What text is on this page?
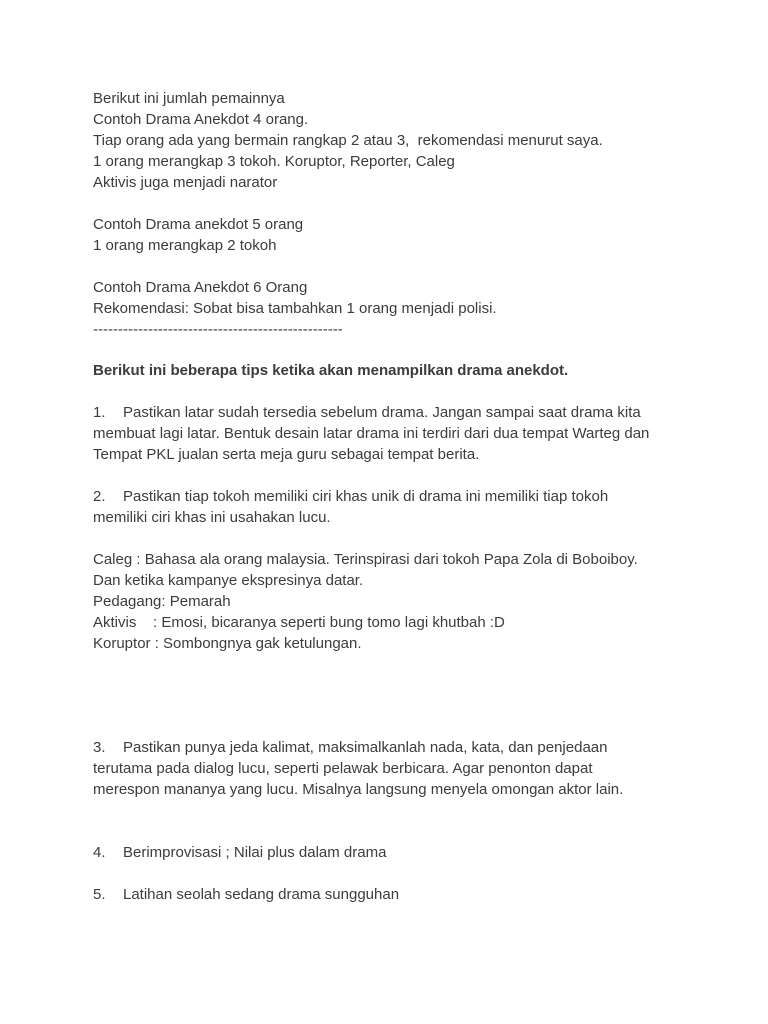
Berikut ini jumlah pemainnya
Contoh Drama Anekdot 4 orang.
Tiap orang ada yang bermain rangkap 2 atau 3,  rekomendasi menurut saya.
1 orang merangkap 3 tokoh. Koruptor, Reporter, Caleg
Aktivis juga menjadi narator
Contoh Drama anekdot 5 orang
1 orang merangkap 2 tokoh
Contoh Drama Anekdot 6 Orang
Rekomendasi: Sobat bisa tambahkan 1 orang menjadi polisi.
--------------------------------------------------
Berikut ini beberapa tips ketika akan menampilkan drama anekdot.
1. Pastikan latar sudah tersedia sebelum drama. Jangan sampai saat drama kita
membuat lagi latar. Bentuk desain latar drama ini terdiri dari dua tempat Warteg dan
Tempat PKL jualan serta meja guru sebagai tempat berita.
2. Pastikan tiap tokoh memiliki ciri khas unik di drama ini memiliki tiap tokoh
memiliki ciri khas ini usahakan lucu.
Caleg : Bahasa ala orang malaysia. Terinspirasi dari tokoh Papa Zola di Boboiboy.
Dan ketika kampanye ekspresinya datar.
Pedagang: Pemarah
Aktivis    : Emosi, bicaranya seperti bung tomo lagi khutbah :D
Koruptor : Sombongnya gak ketulungan.
3. Pastikan punya jeda kalimat, maksimalkanlah nada, kata, dan penjedaan
terutama pada dialog lucu, seperti pelawak berbicara. Agar penonton dapat
merespon mananya yang lucu. Misalnya langsung menyela omongan aktor lain.
4. Berimprovisasi ; Nilai plus dalam drama
5. Latihan seolah sedang drama sungguhan
